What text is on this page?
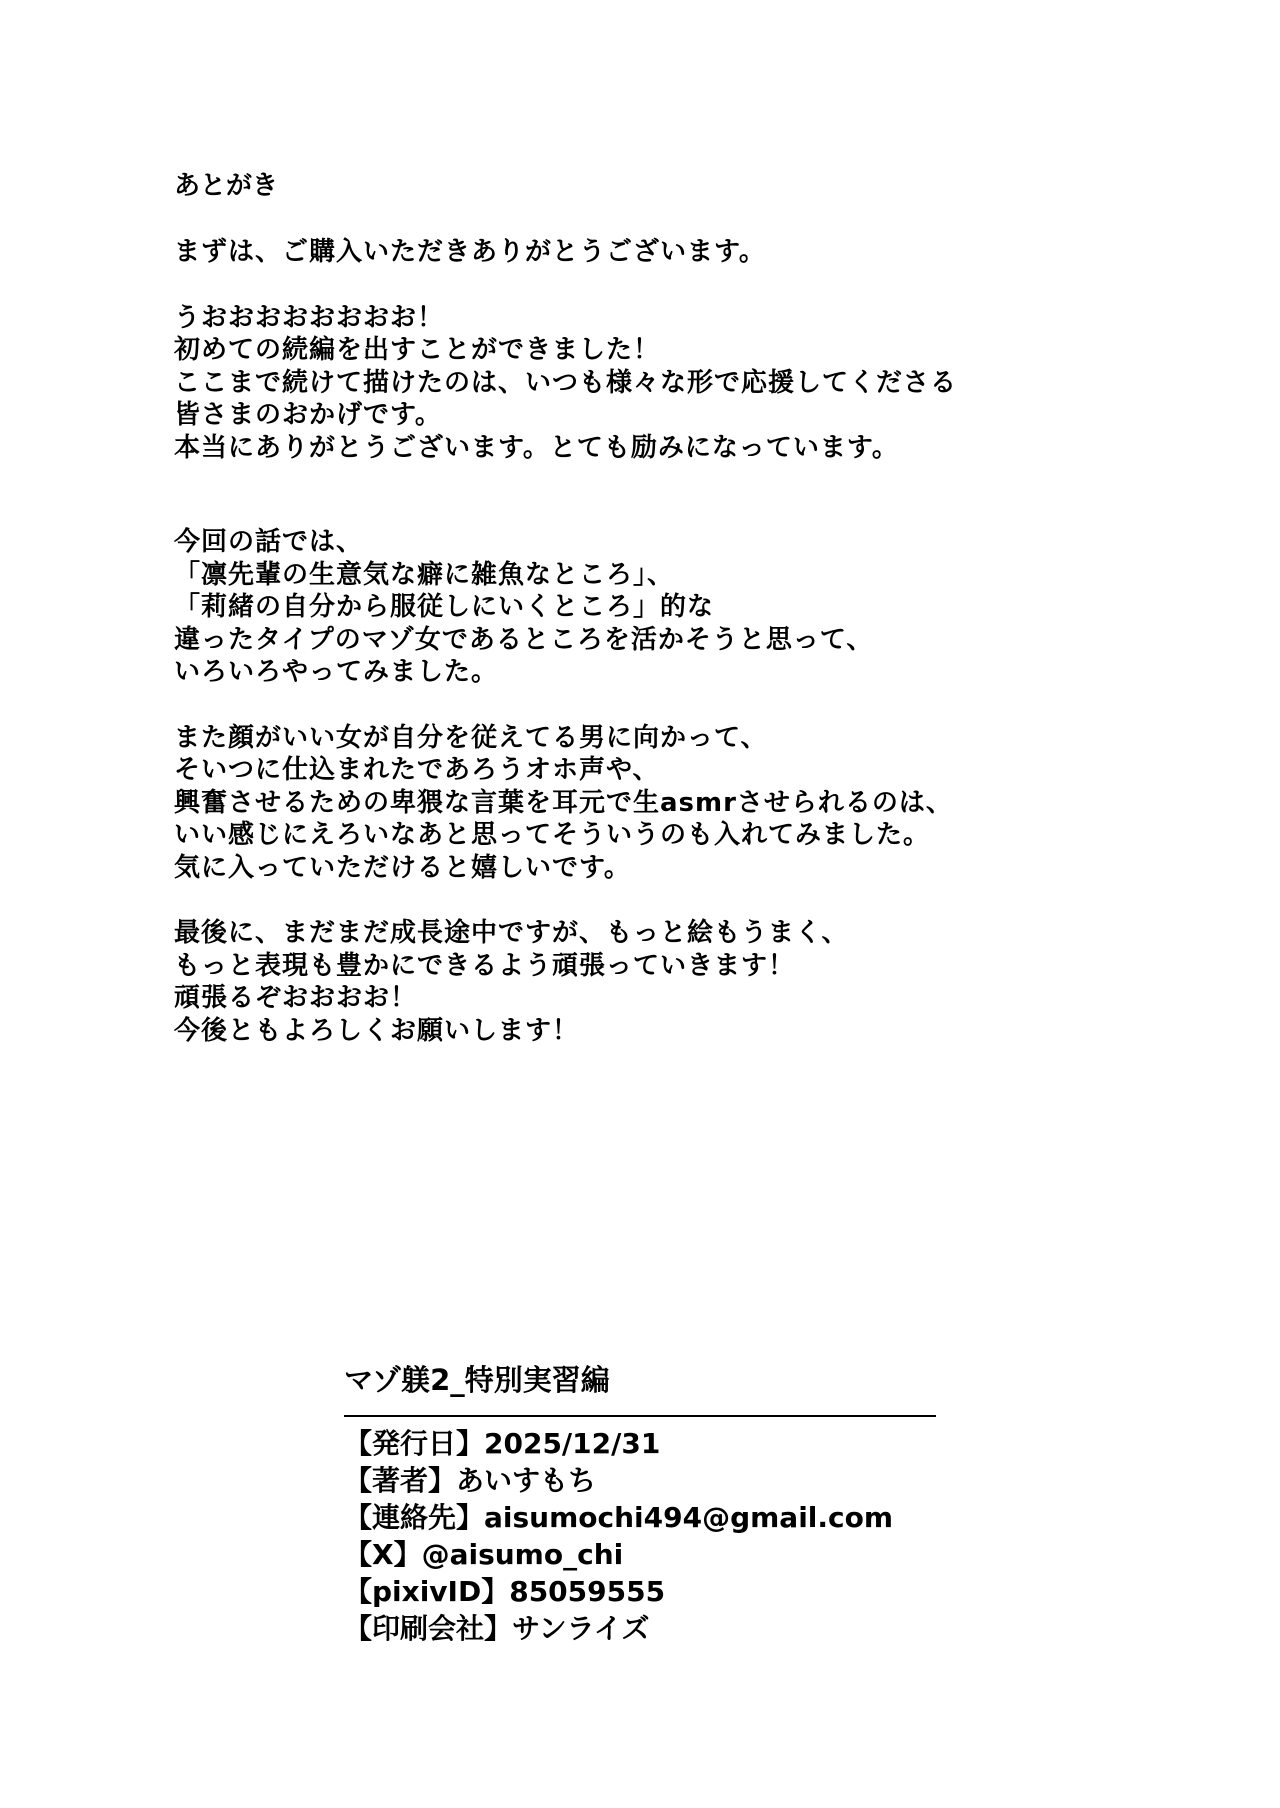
あとがき
まずは、ご購入いただきありがとうございます。
うおおおおおおおお！
初めての続編を出すことができました！
ここまで続けて描けたのは、いつも様々な形で応援してくださる
皆さまのおかげです。
本当にありがとうございます。とても励みになっています。
今回の話では、
「凛先輩の生意気な癖に雑魚なところ」、
「莉緒の自分から服従しにいくところ」的な
違ったタイプのマゾ女であるところを活かそうと思って、
いろいろやってみました。
また顔がいい女が自分を従えてる男に向かって、
そいつに仕込まれたであろうオホ声や、
興奮させるための卑猥な言葉を耳元で生asmrさせられるのは、
いい感じにえろいなあと思ってそういうのも入れてみました。
気に入っていただけると嬉しいです。
最後に、まだまだ成長途中ですが、もっと絵もうまく、
もっと表現も豊かにできるよう頑張っていきます！
頑張るぞおおおお！
今後ともよろしくお願いします！
マゾ躾2_特別実習編
【発行日】2025/12/31
【著者】あいすもち
【連絡先】aisumochi494@gmail.com
【X】@aisumo_chi
【pixivID】85059555
【印刷会社】サンライズ
